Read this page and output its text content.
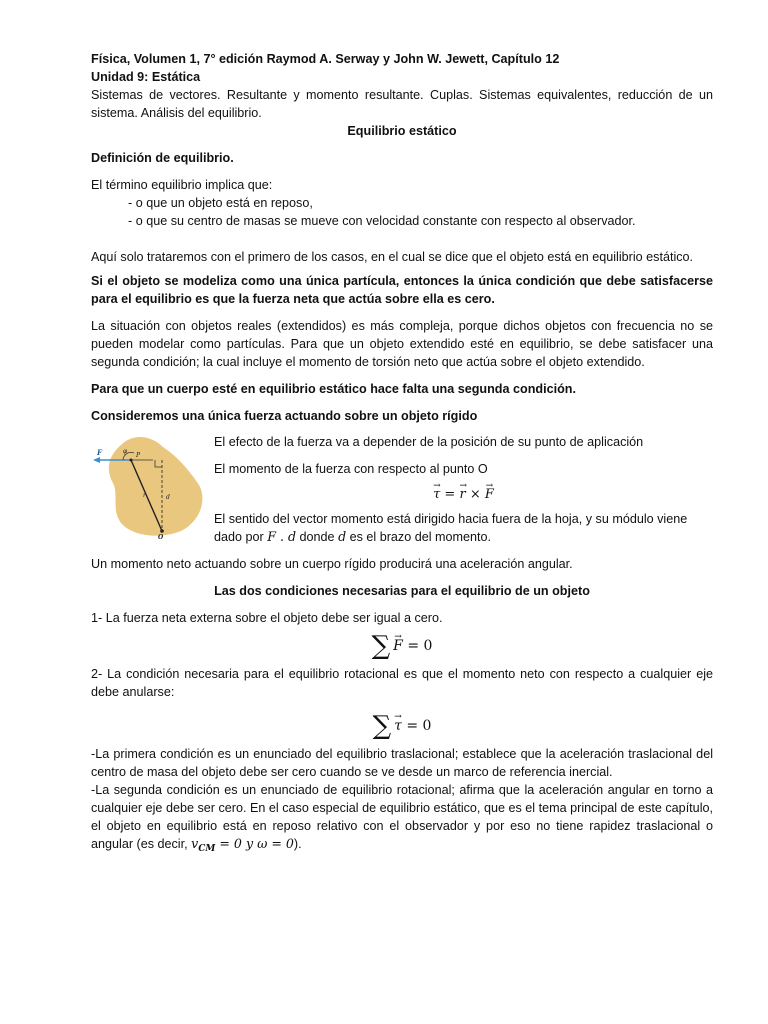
Física, Volumen 1, 7° edición Raymod A. Serway y John W. Jewett, Capítulo 12

Unidad 9: Estática

Sistemas de vectores. Resultante y momento resultante. Cuplas. Sistemas equivalentes, reducción de un sistema. Análisis del equilibrio.

Equilibrio estático

Definición de equilibrio.

El término equilibrio implica que:

- o que un objeto está en reposo,

- o que su centro de masas se mueve con velocidad constante con respecto al observador.

Aquí solo trataremos con el primero de los casos, en el cual se dice que el objeto está en equilibrio estático.

Si el objeto se modeliza como una única partícula, entonces la única condición que debe satisfacerse para el equilibrio es que la fuerza neta que actúa sobre ella es cero.

La situación con objetos reales (extendidos) es más compleja, porque dichos objetos con frecuencia no se pueden modelar como partículas. Para que un objeto extendido esté en equilibrio, se debe satisfacer una segunda condición; la cual incluye el momento de torsión neto que actúa sobre el objeto extendido.

Para que un cuerpo esté en equilibrio estático hace falta una segunda condición.

Consideremos una única fuerza actuando sobre un objeto rígido

F	φ
P
r	d
O

El efecto de la fuerza va a depender de la posición de su punto de aplicación

El momento de la fuerza con respecto al punto O

→ τ = → r × → F

El sentido del vector momento está dirigido hacia fuera de la hoja, y su módulo viene dado por F . d donde d es el brazo del momento.

Un momento neto actuando sobre un cuerpo rígido producirá una aceleración angular.

Las dos condiciones necesarias para el equilibrio de un objeto

1- La fuerza neta externa sobre el objeto debe ser igual a cero.

∑ → F = 0

2- La condición necesaria para el equilibrio rotacional es que el momento neto con respecto a cualquier eje debe anularse:

∑ → τ = 0

-La primera condición es un enunciado del equilibrio traslacional; establece que la aceleración traslacional del centro de masa del objeto debe ser cero cuando se ve desde un marco de referencia inercial.

-La segunda condición es un enunciado de equilibrio rotacional; afirma que la aceleración angular en torno a cualquier eje debe ser cero. En el caso especial de equilibrio estático, que es el tema principal de este capítulo, el objeto en equilibrio está en reposo relativo con el observador y por eso no tiene rapidez traslacional o angular (es decir, $v_{CM} = 0$ y ω = 0).
